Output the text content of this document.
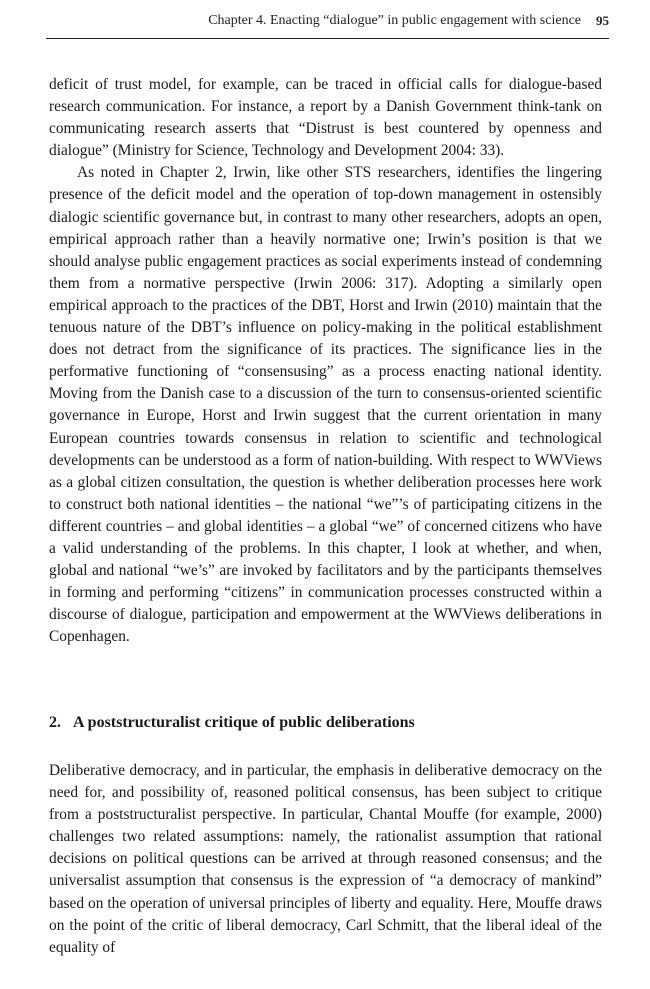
Chapter 4. Enacting “dialogue” in public engagement with science 95

deficit of trust model, for example, can be traced in official calls for dialogue-based research communication. For instance, a report by a Danish Government think-tank on communicating research asserts that “Distrust is best countered by openness and dialogue” (Ministry for Science, Technology and Development 2004: 33).

As noted in Chapter 2, Irwin, like other STS researchers, identifies the lingering presence of the deficit model and the operation of top-down management in ostensibly dialogic scientific governance but, in contrast to many other researchers, adopts an open, empirical approach rather than a heavily normative one; Irwin’s position is that we should analyse public engagement practices as social experiments instead of condemning them from a normative perspective (Irwin 2006: 317). Adopting a similarly open empirical approach to the practices of the DBT, Horst and Irwin (2010) maintain that the tenuous nature of the DBT’s influence on policy-making in the political establishment does not detract from the significance of its practices. The significance lies in the performative functioning of “consensusing” as a process enacting national identity. Moving from the Danish case to a discussion of the turn to consensus-oriented scientific governance in Europe, Horst and Irwin suggest that the current orientation in many European countries towards consensus in relation to scientific and technological developments can be understood as a form of nation-building. With respect to WWViews as a global citizen consultation, the question is whether deliberation processes here work to construct both national identities – the national “we”’s of participating citizens in the different countries – and global identities – a global “we” of concerned citizens who have a valid understanding of the problems. In this chapter, I look at whether, and when, global and national “we’s” are invoked by facilitators and by the participants themselves in forming and performing “citizens” in communication processes constructed within a discourse of dialogue, participation and empowerment at the WWViews deliberations in Copenhagen.

2. A poststructuralist critique of public deliberations

Deliberative democracy, and in particular, the emphasis in deliberative democracy on the need for, and possibility of, reasoned political consensus, has been subject to critique from a poststructuralist perspective. In particular, Chantal Mouffe (for example, 2000) challenges two related assumptions: namely, the rationalist assumption that rational decisions on political questions can be arrived at through reasoned consensus; and the universalist assumption that consensus is the expression of “a democracy of mankind” based on the operation of universal principles of liberty and equality. Here, Mouffe draws on the point of the critic of liberal democracy, Carl Schmitt, that the liberal ideal of the equality of
